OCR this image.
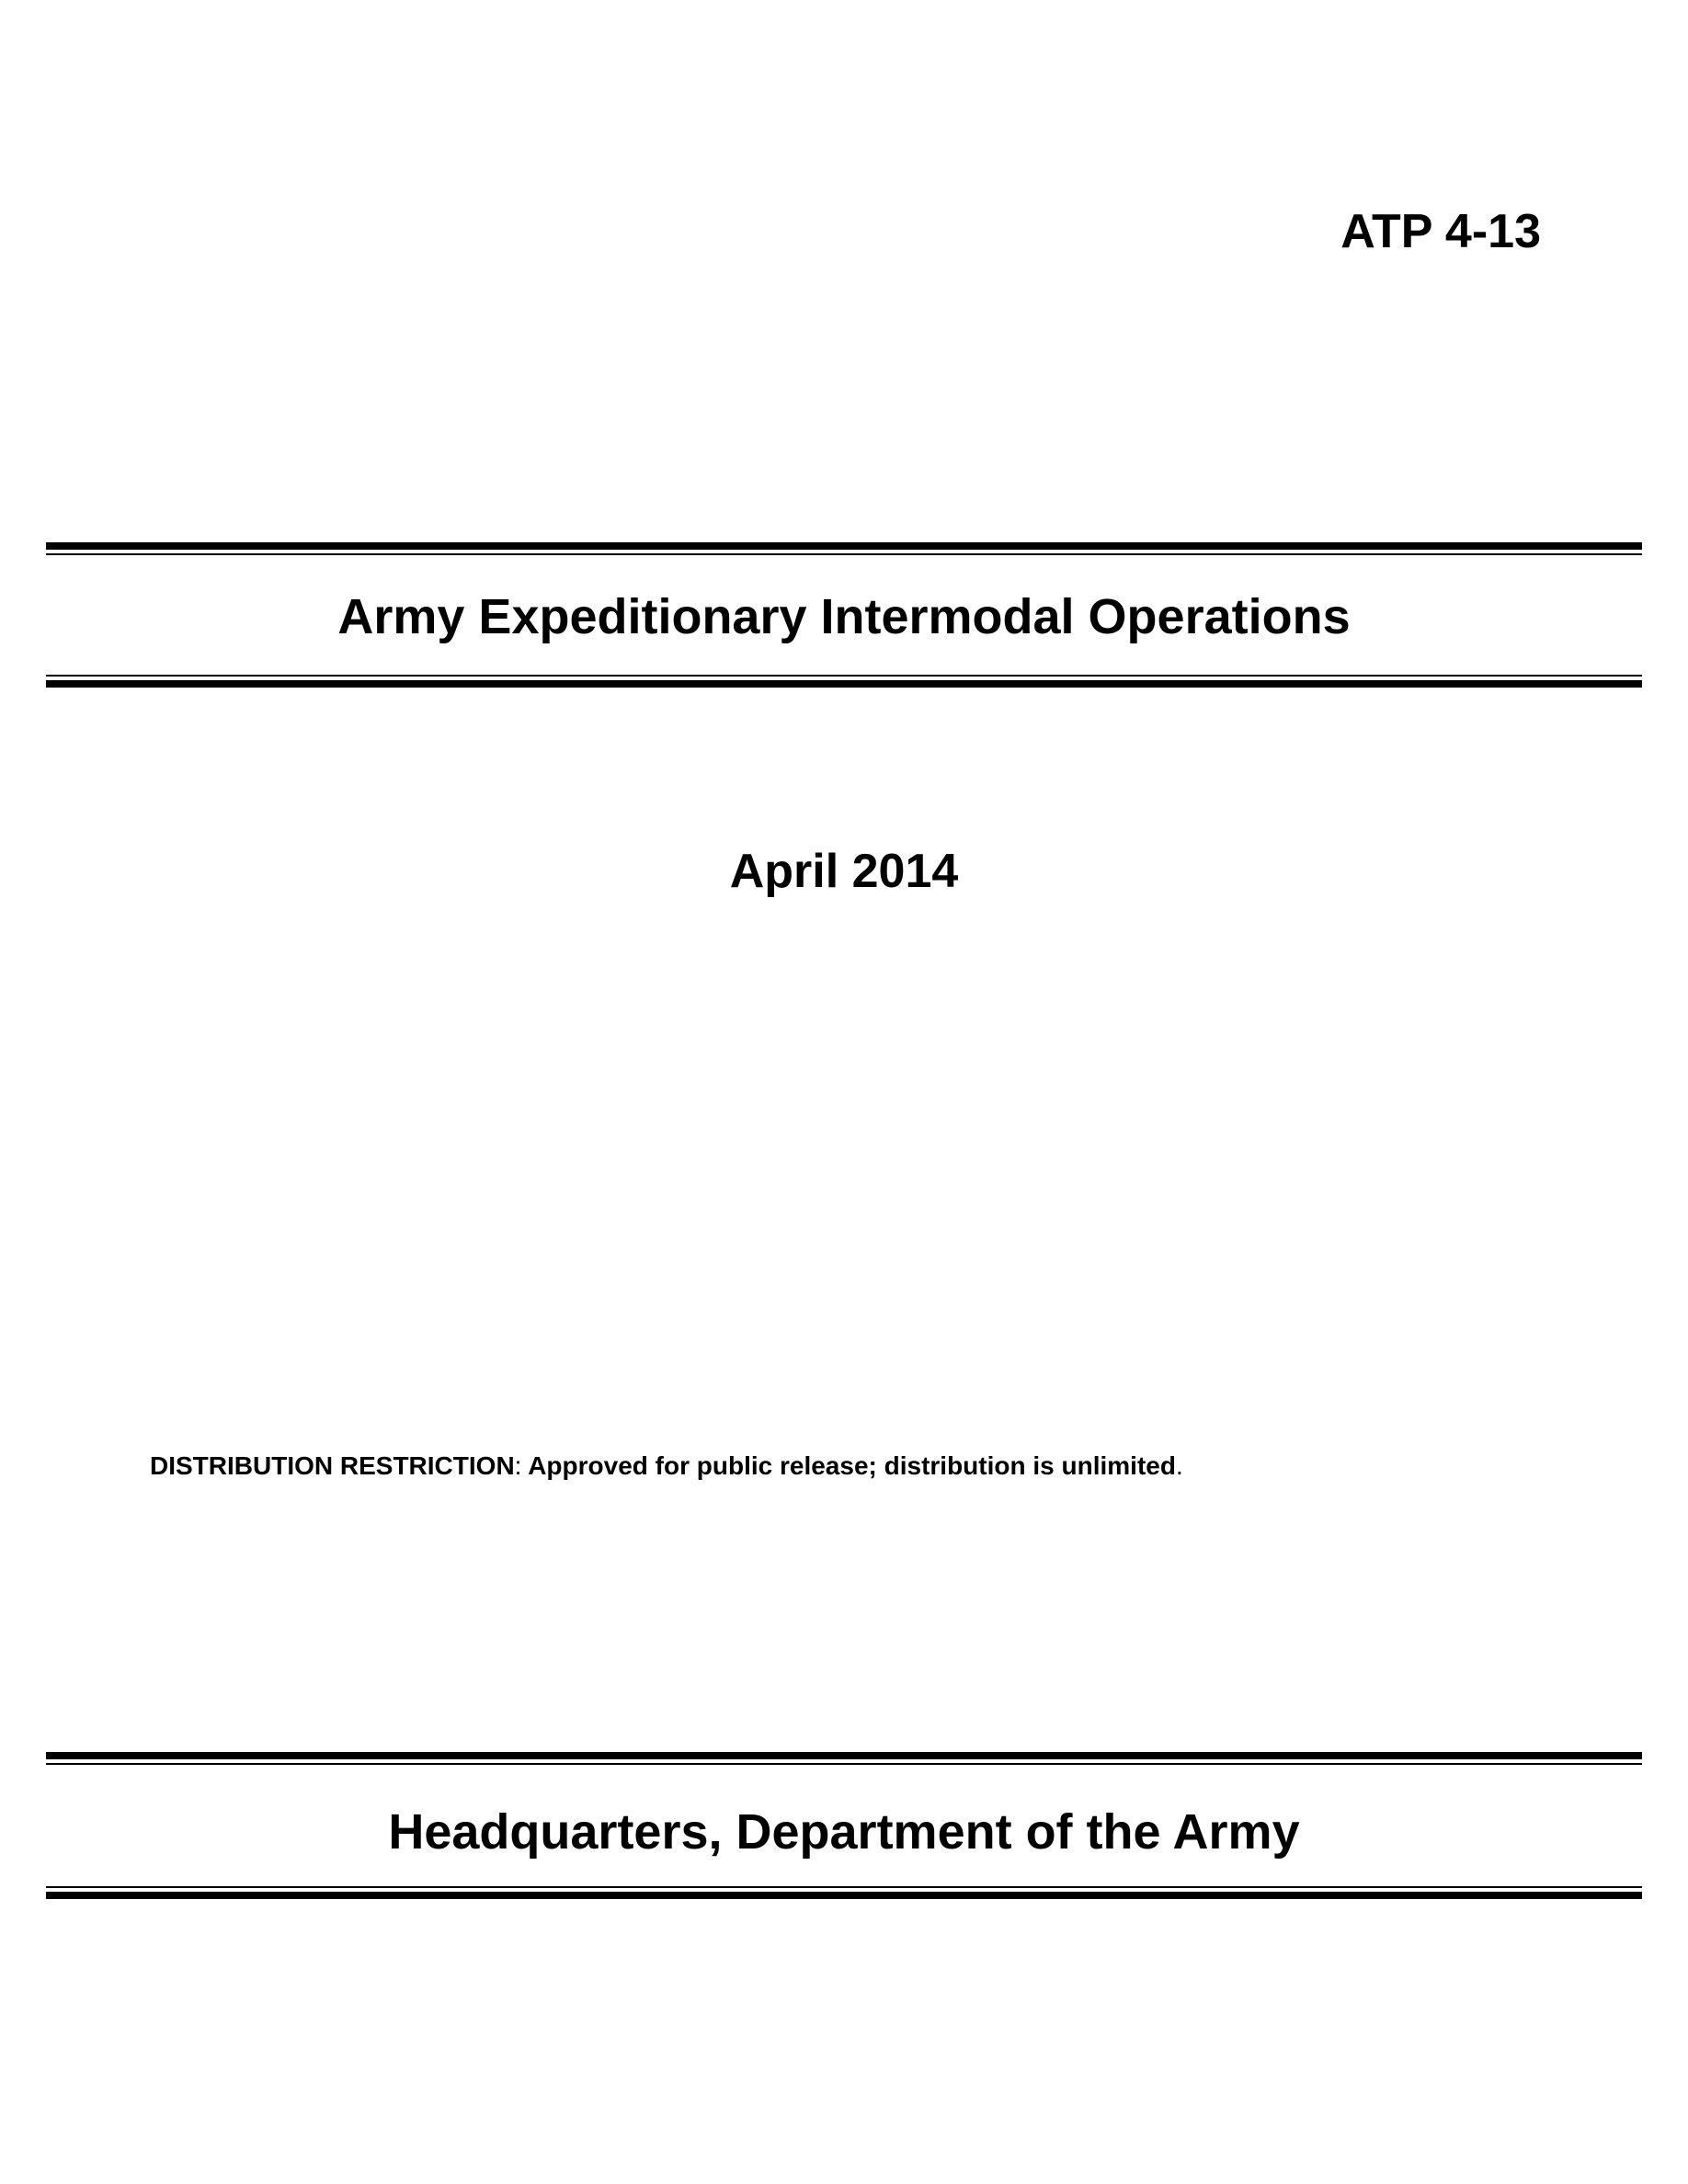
ATP 4-13
Army Expeditionary Intermodal Operations
April 2014
DISTRIBUTION RESTRICTION: Approved for public release; distribution is unlimited.
Headquarters, Department of the Army
